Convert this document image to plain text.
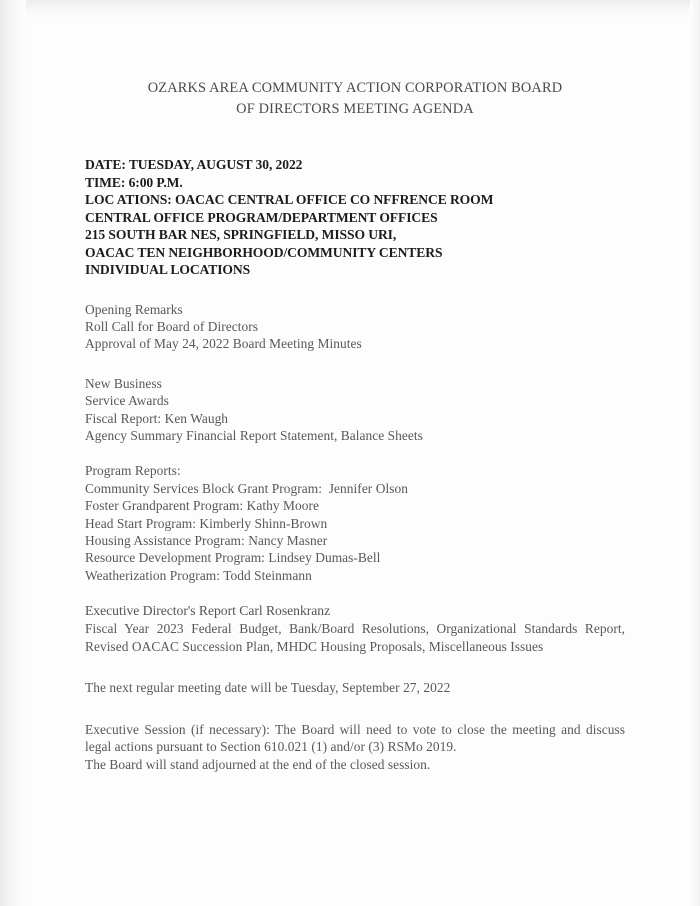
OZARKS AREA COMMUNITY ACTION CORPORATION BOARD
OF DIRECTORS MEETING AGENDA
DATE: TUESDAY, AUGUST 30, 2022
TIME: 6:00 P.M.
LOC ATIONS: OACAC CENTRAL OFFICE CO NFFRENCE ROOM
CENTRAL OFFICE PROGRAM/DEPARTMENT OFFICES
215 SOUTH BAR NES, SPRINGFIELD, MISSO URI,
OACAC TEN NEIGHBORHOOD/COMMUNITY CENTERS
INDIVIDUAL LOCATIONS
Opening Remarks
Roll Call for Board of Directors
Approval of May 24, 2022 Board Meeting Minutes
New Business
Service Awards
Fiscal Report: Ken Waugh
Agency Summary Financial Report Statement, Balance Sheets
Program Reports:
Community Services Block Grant Program:  Jennifer Olson
Foster Grandparent Program: Kathy Moore
Head Start Program: Kimberly Shinn-Brown
Housing Assistance Program: Nancy Masner
Resource Development Program: Lindsey Dumas-Bell
Weatherization Program: Todd Steinmann
Executive Director's Report Carl Rosenkranz
Fiscal Year 2023 Federal Budget, Bank/Board Resolutions, Organizational Standards Report, Revised OACAC Succession Plan, MHDC Housing Proposals, Miscellaneous Issues
The next regular meeting date will be Tuesday, September 27, 2022
Executive Session (if necessary): The Board will need to vote to close the meeting and discuss legal actions pursuant to Section 610.021 (1) and/or (3) RSMo 2019.
The Board will stand adjourned at the end of the closed session.
